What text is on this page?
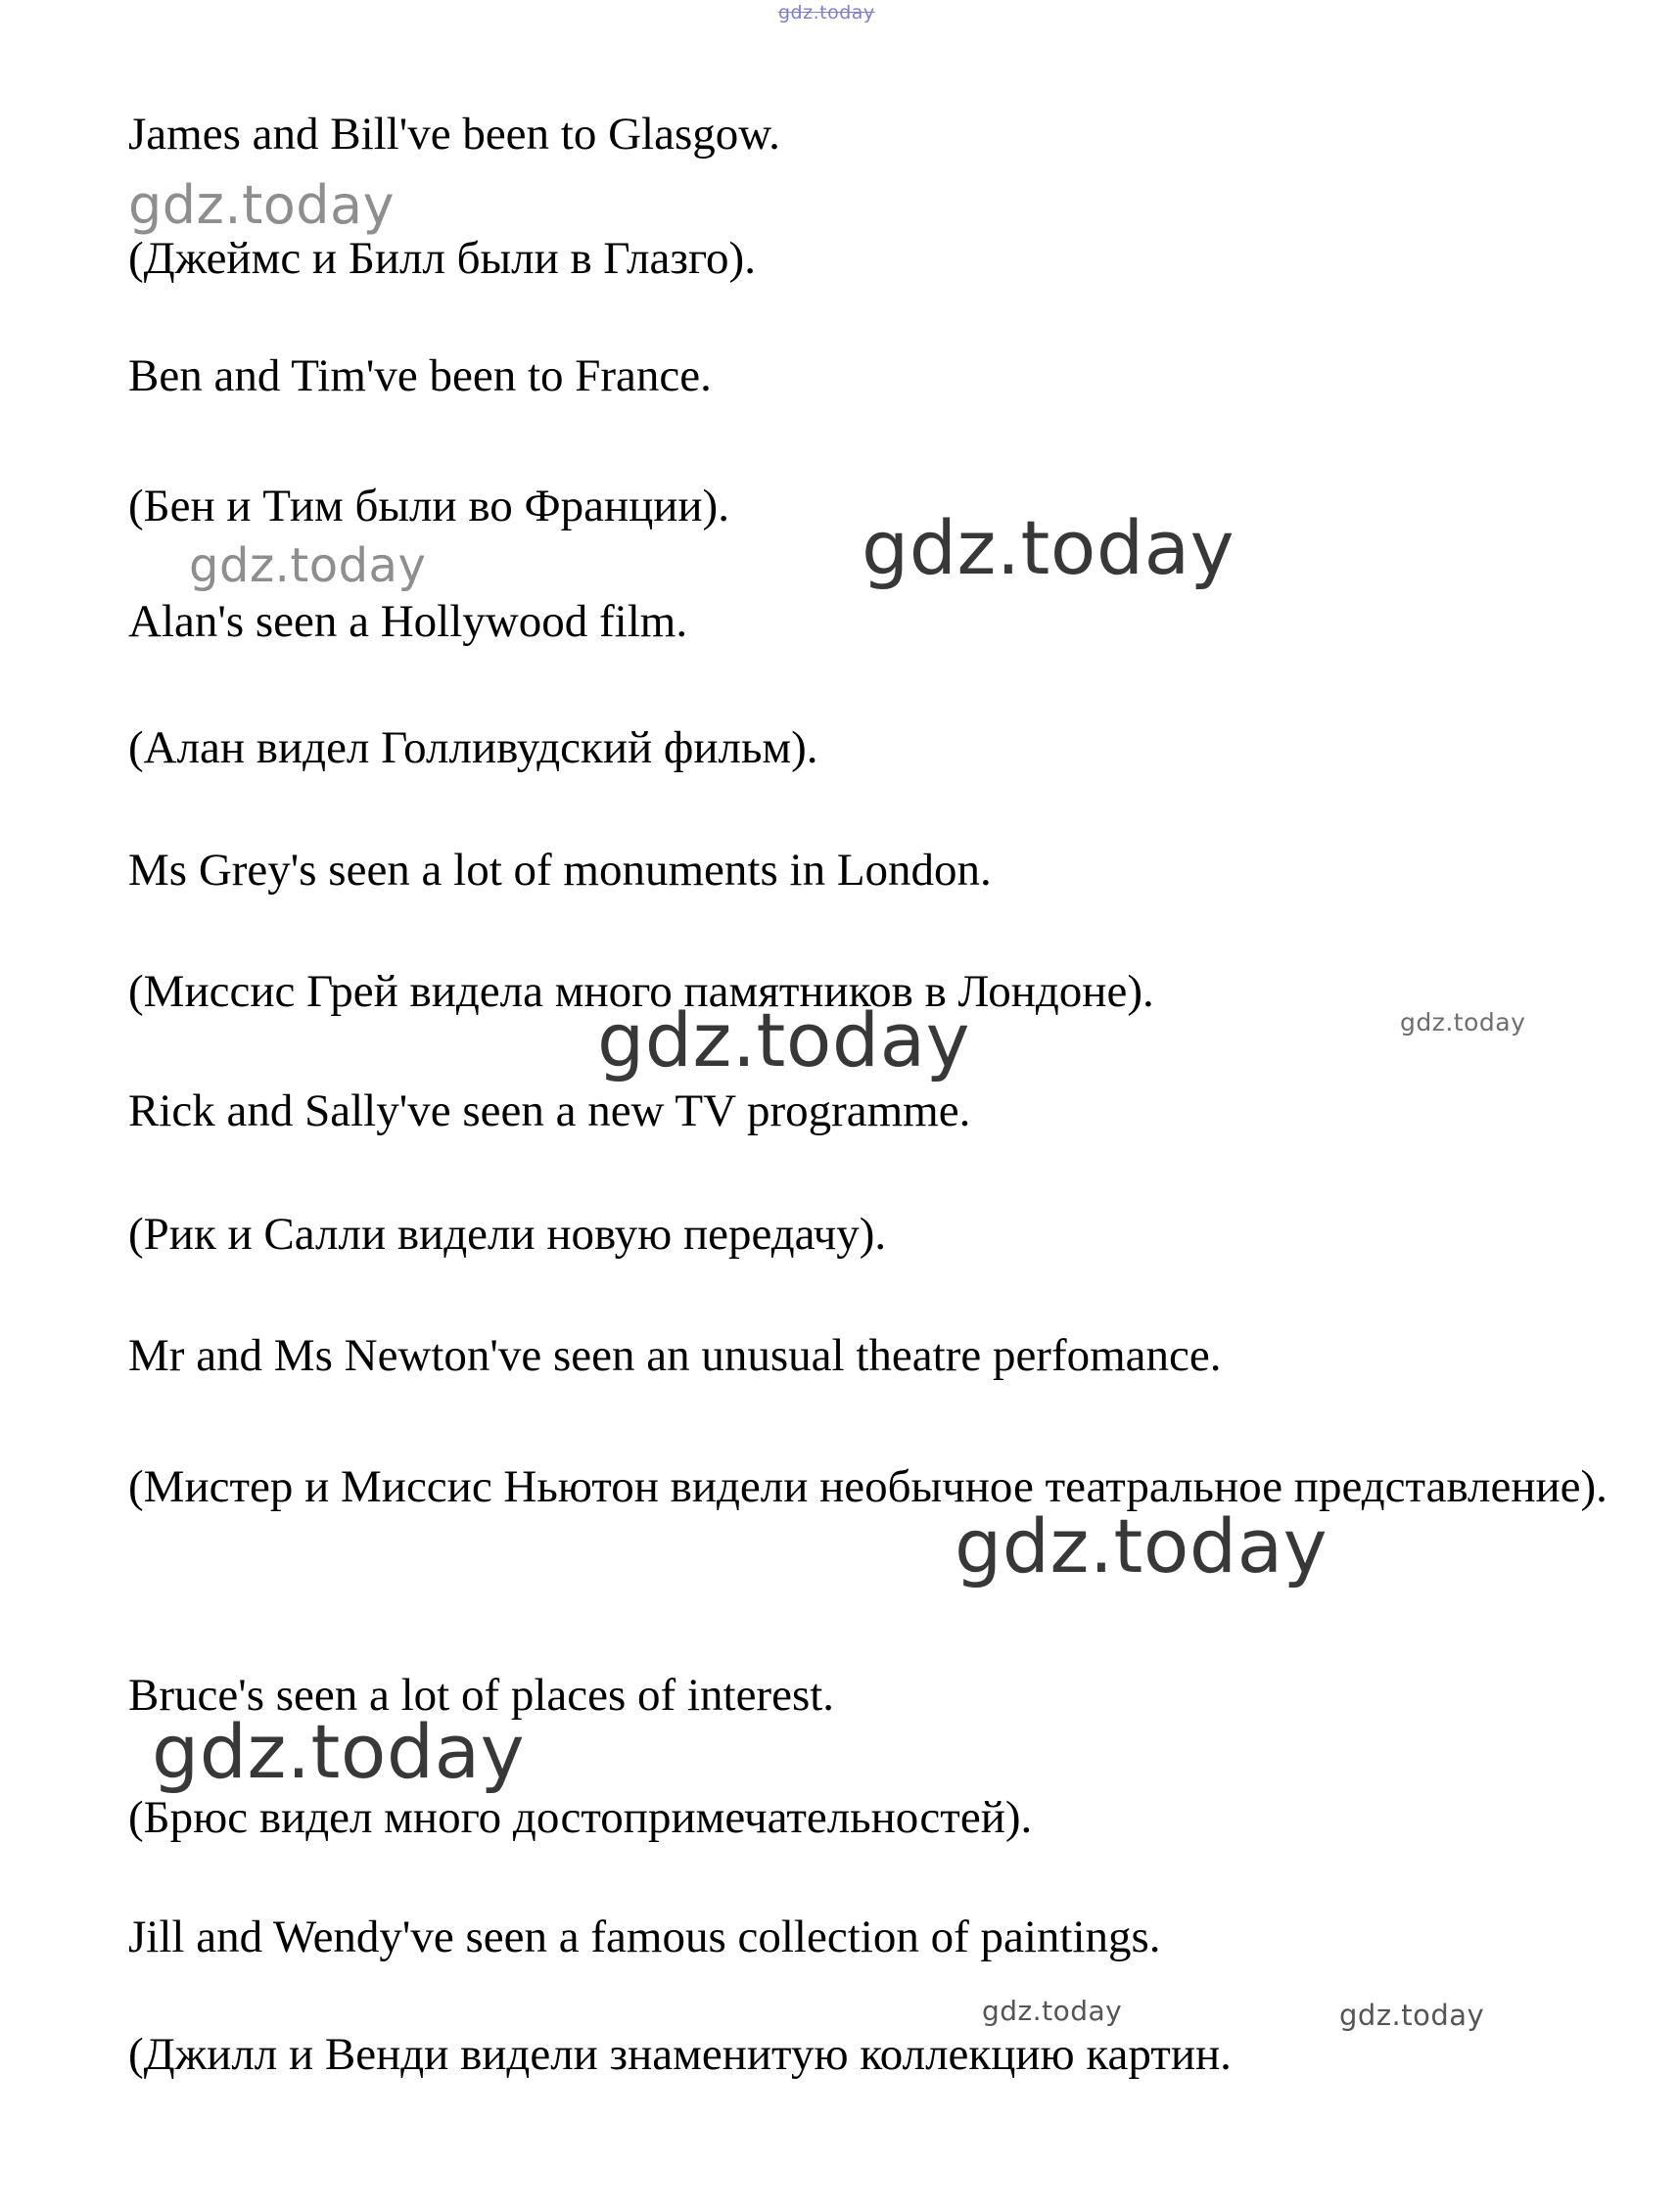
gdz.today
gdz.today
gdz.today	gdz.today
gdz.today	gdz.today
gdz.today
gdz.today
gdz.today	gdz.today
James and Bill've been to Glasgow.
(Джеймс и Билл были в Глазго).
Ben and Tim've been to France.
(Бен и Тим были во Франции).
Alan's seen a Hollywood film.
(Алан видел Голливудский фильм).
Ms Grey's seen a lot of monuments in London.
(Миссис Грей видела много памятников в Лондоне).
Rick and Sally've seen a new TV programme.
(Рик и Салли видели новую передачу).
Mr and Ms Newton've seen an unusual theatre perfomance.
(Мистер и Миссис Ньютон видели необычное театральное представление).
Bruce's seen a lot of places of interest.
(Брюс видел много достопримечательностей).
Jill and Wendy've seen a famous collection of paintings.
(Джилл и Венди видели знаменитую коллекцию картин.
